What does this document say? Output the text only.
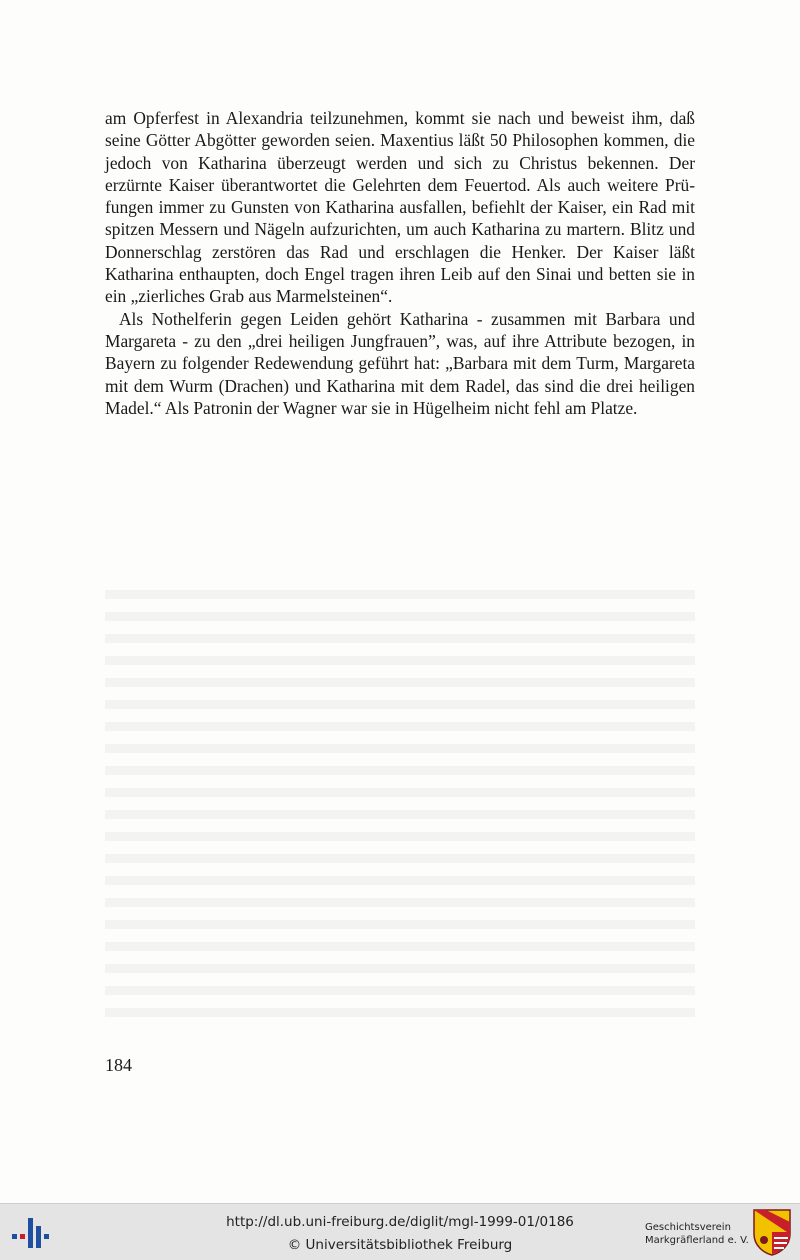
am Opferfest in Alexandria teilzunehmen, kommt sie nach und beweist ihm, daß seine Götter Abgötter geworden seien. Maxentius läßt 50 Philosophen kommen, die jedoch von Katharina überzeugt werden und sich zu Christus bekennen. Der erzürnte Kaiser überantwortet die Gelehrten dem Feuertod. Als auch weitere Prüfungen immer zu Gunsten von Katharina ausfallen, befiehlt der Kaiser, ein Rad mit spitzen Messern und Nägeln aufzurichten, um auch Katharina zu martern. Blitz und Donnerschlag zerstören das Rad und erschlagen die Henker. Der Kaiser läßt Katharina enthaupten, doch Engel tragen ihren Leib auf den Sinai und betten sie in ein „zierliches Grab aus Marmelsteinen“.

Als Nothelferin gegen Leiden gehört Katharina - zusammen mit Barbara und Margareta - zu den „drei heiligen Jungfrauen”, was, auf ihre Attribute bezogen, in Bayern zu folgender Redewendung geführt hat: „Barbara mit dem Turm, Margareta mit dem Wurm (Drachen) und Katharina mit dem Radel, das sind die drei heiligen Madel.“ Als Patronin der Wagner war sie in Hügelheim nicht fehl am Platze.

184
http://dl.ub.uni-freiburg.de/diglit/mgl-1999-01/0186
© Universitätsbibliothek Freiburg
Geschichtsverein
Markgräflerland e. V.
